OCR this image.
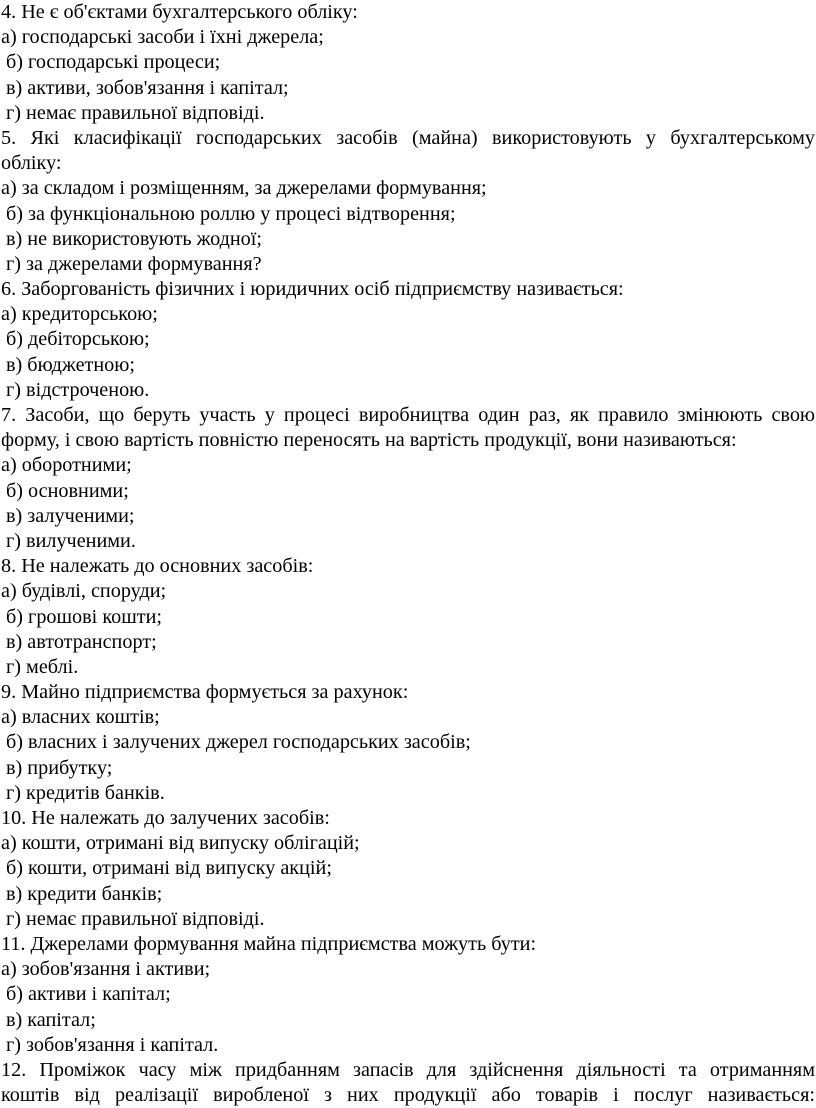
4. Не є об'єктами бухгалтерського обліку:
а) господарські засоби і їхні джерела;
б) господарські процеси;
в) активи, зобов'язання і капітал;
г) немає правильної відповіді.
5. Які класифікації господарських засобів (майна) використовують у бухгалтерському
обліку:
а) за складом і розміщенням, за джерелами формування;
б) за функціональною роллю у процесі відтворення;
в) не використовують жодної;
г) за джерелами формування?
6. Заборгованість фізичних і юридичних осіб підприємству називається:
а) кредиторською;
б) дебіторською;
в) бюджетною;
г) відстроченою.
7. Засоби, що беруть участь у процесі виробництва один раз, як правило змінюють свою
форму, і свою вартість повністю переносять на вартість продукції, вони називаються:
а) оборотними;
б) основними;
в) залученими;
г) вилученими.
8. Не належать до основних засобів:
а) будівлі, споруди;
б) грошові кошти;
в) автотранспорт;
г) меблі.
9. Майно підприємства формується за рахунок:
а) власних коштів;
б) власних і залучених джерел господарських засобів;
в) прибутку;
г) кредитів банків.
10. Не належать до залучених засобів:
а) кошти, отримані від випуску облігацій;
б) кошти, отримані від випуску акцій;
в) кредити банків;
г) немає правильної відповіді.
11. Джерелами формування майна підприємства можуть бути:
а) зобов'язання і активи;
б) активи і капітал;
в) капітал;
г) зобов'язання і капітал.
12. Проміжок часу між придбанням запасів для здійснення діяльності та отриманням
коштів від реалізації виробленої з них продукції або товарів і послуг називається:
